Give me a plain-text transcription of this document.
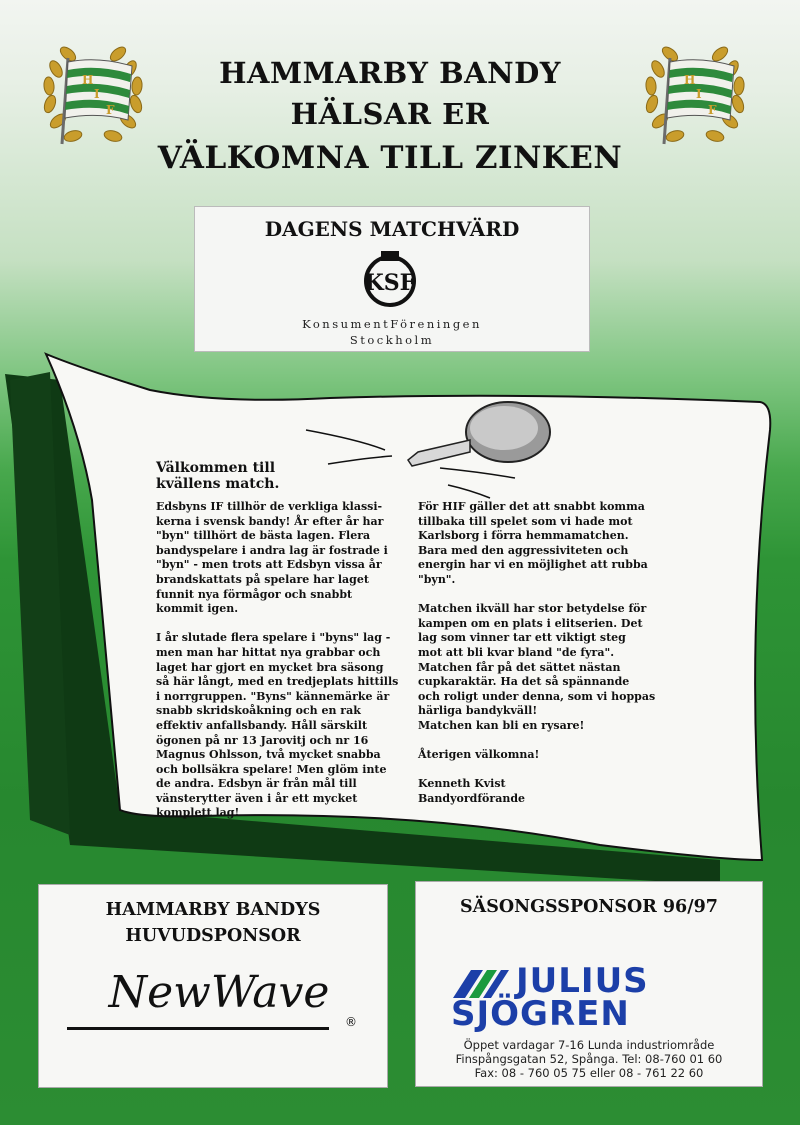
H
I
F
H
I
F
HAMMARBY BANDY
HÄLSAR ER
VÄLKOMNA TILL ZINKEN
DAGENS MATCHVÄRD
KSF
KonsumentFöreningen
Stockholm
Välkommen till
kvällens match.
Edsbyns IF tillhör de verkliga klassi-
kerna i svensk bandy! År efter år har
"byn" tillhört de bästa lagen. Flera
bandyspelare i andra lag är fostrade i
"byn" - men trots att Edsbyn vissa år
brandskattats på spelare har laget
funnit nya förmågor och snabbt
kommit igen.

I år slutade flera spelare i "byns" lag -
men man har hittat nya grabbar och
laget har gjort en mycket bra säsong
så här långt, med en tredjeplats hittills
i norrgruppen. "Byns" kännemärke är
snabb skridskoåkning och en rak
effektiv anfallsbandy. Håll särskilt
ögonen på nr 13 Jarovitj och nr 16
Magnus Ohlsson, två mycket snabba
och bollsäkra spelare! Men glöm inte
de andra. Edsbyn är från mål till
vänsterytter även i år ett mycket
komplett lag!
För HIF gäller det att snabbt komma
tillbaka till spelet som vi hade mot
Karlsborg i förra hemmamatchen.
Bara med den aggressiviteten och
energin har vi en möjlighet att rubba
"byn".

Matchen ikväll har stor betydelse för
kampen om en plats i elitserien. Det
lag som vinner tar ett viktigt steg
mot att bli kvar bland "de fyra".
Matchen får på det sättet nästan
cupkaraktär. Ha det så spännande
och roligt under denna, som vi hoppas
härliga bandykväll!
Matchen kan bli en rysare!

Återigen välkomna!

Kenneth Kvist
Bandyordförande
HAMMARBY BANDYS
HUVUDSPONSOR
NewWave
®
SÄSONGSSPONSOR 96/97
JULIUS
SJÖGREN
Öppet vardagar 7-16 Lunda industriområde
Finspångsgatan 52, Spånga. Tel: 08-760 01 60
Fax: 08 - 760 05 75 eller 08 - 761 22 60
